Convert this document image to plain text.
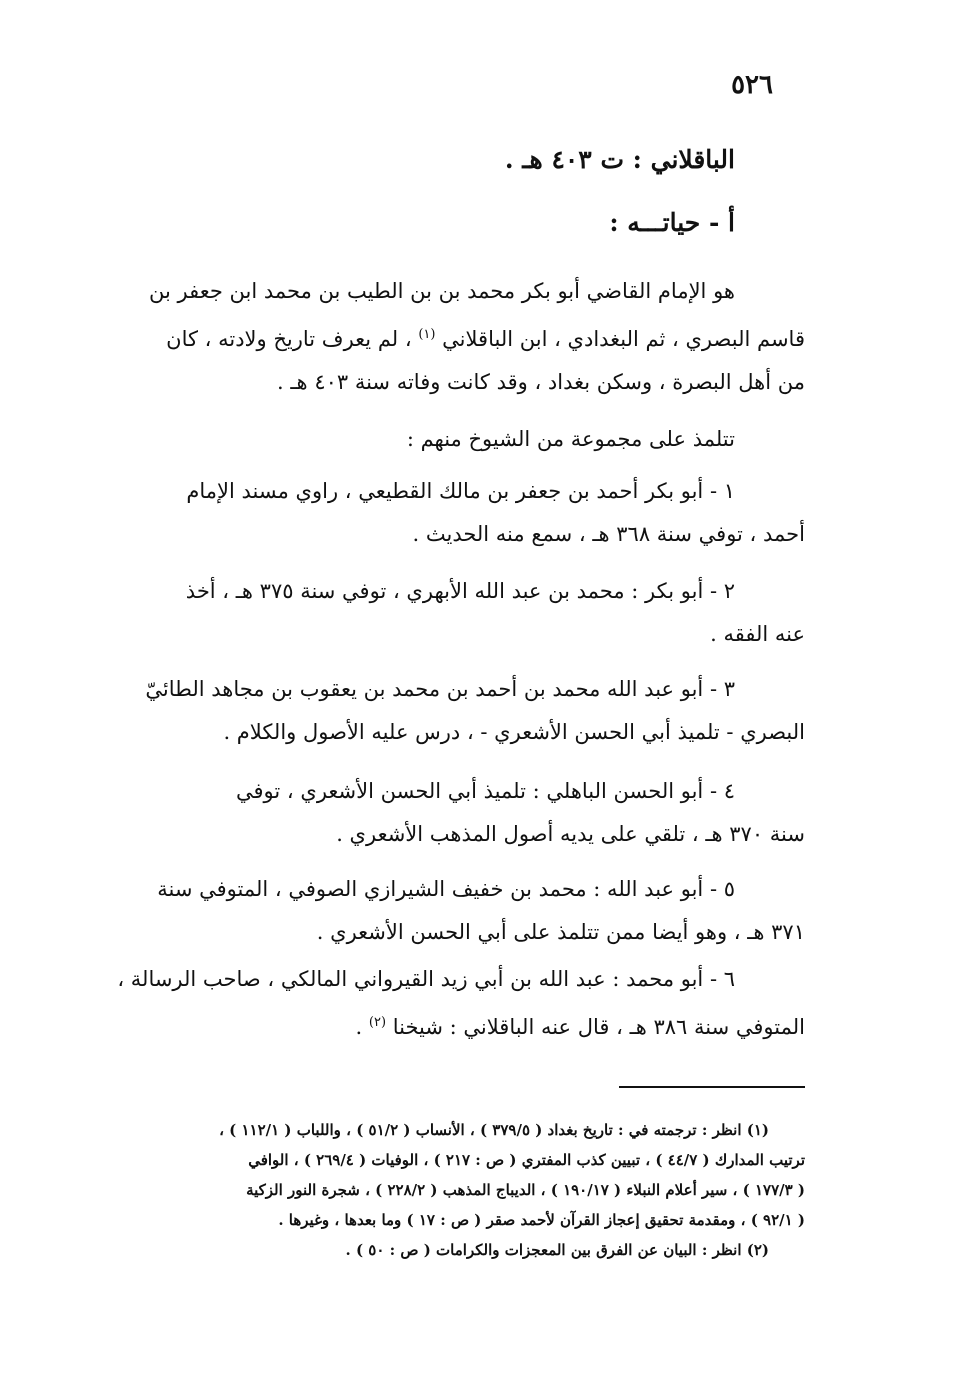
٥٢٦
الباقلاني : ت ٤٠٣ هـ .
أ - حياتـــه :
هو الإمام القاضي أبو بكر محمد بن بن الطيب بن محمد ابن جعفر بن
قاسم البصري ، ثم البغدادي ، ابن الباقلاني $^{(١)}$ ، لم يعرف تاريخ ولادته ، كان
من أهل البصرة ، وسكن بغداد ، وقد كانت وفاته سنة ٤٠٣ هـ .
تتلمذ على مجموعة من الشيوخ منهم :
١ - أبو بكر أحمد بن جعفر بن مالك القطيعي ، راوي مسند الإمام
أحمد ، توفي سنة ٣٦٨ هـ ، سمع منه الحديث .
٢ - أبو بكر : محمد بن عبد الله الأبهري ، توفي سنة ٣٧٥ هـ ، أخذ
عنه الفقه .
٣ - أبو عبد الله محمد بن أحمد بن محمد بن يعقوب بن مجاهد الطائيّ
البصري - تلميذ أبي الحسن الأشعري - ، درس عليه الأصول والكلام .
٤ - أبو الحسن الباهلي : تلميذ أبي الحسن الأشعري ، توفي
سنة ٣٧٠ هـ ، تلقي على يديه أصول المذهب الأشعري .
٥ - أبو عبد الله : محمد بن خفيف الشيرازي الصوفي ، المتوفي سنة
٣٧١ هـ ، وهو أيضا ممن تتلمذ على أبي الحسن الأشعري .
٦ - أبو محمد : عبد الله بن أبي زيد القيرواني المالكي ، صاحب الرسالة ،
المتوفي سنة ٣٨٦ هـ ، قال عنه الباقلاني : شيخنا $^{(٢)}$ .
(١) انظر : ترجمته في : تاريخ بغداد ( ٣٧٩/٥ ) ، الأنساب ( ٥١/٢ ) ، واللباب ( ١١٢/١ ) ،
ترتيب المدارك ( ٤٤/٧ ) ، تبيين كذب المفتري ( ص : ٢١٧ ) ، الوفيات ( ٢٦٩/٤ ) ، الوافي
( ١٧٧/٣ ) ، سير أعلام النبلاء ( ١٩٠/١٧ ) ، الديباج المذهب ( ٢٢٨/٢ ) ، شجرة النور الزكية
( ٩٢/١ ) ، ومقدمة تحقيق إعجاز القرآن لأحمد صقر ( ص : ١٧ ) وما بعدها ، وغيرها .
(٢) انظر : البيان عن الفرق بين المعجزات والكرامات ( ص : ٥٠ ) .
